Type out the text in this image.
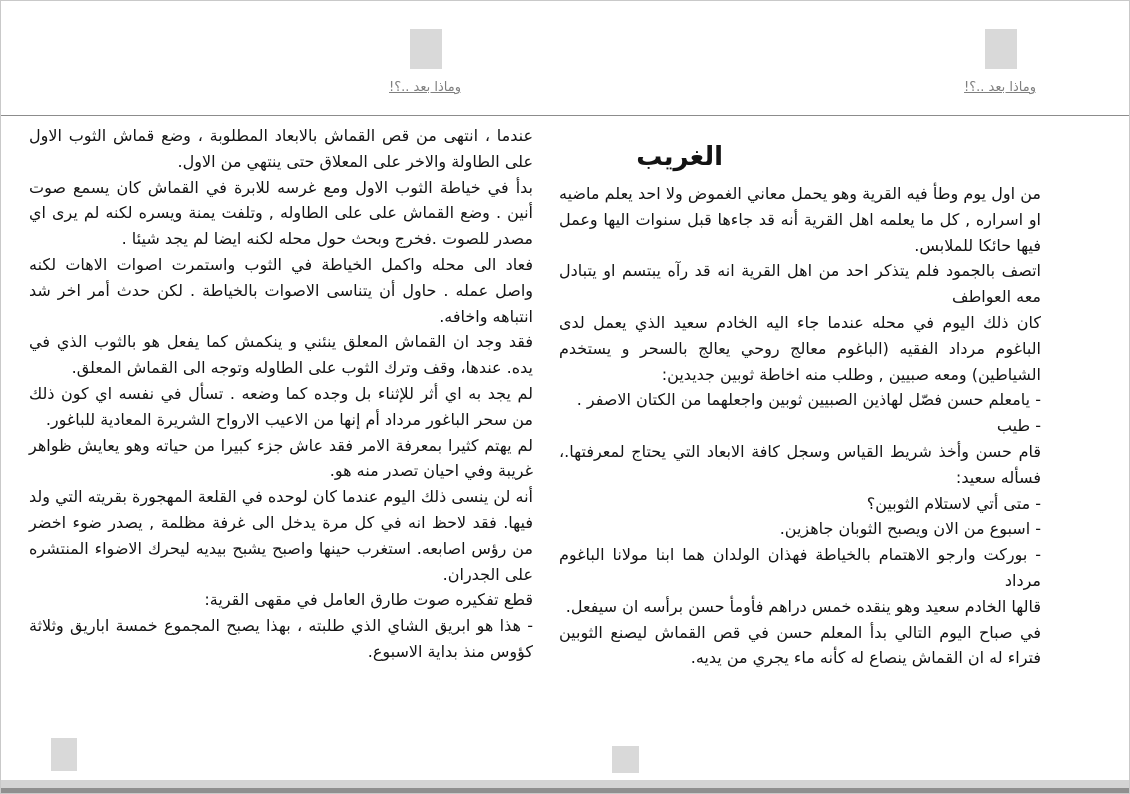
وماذا بعد ..؟!	وماذا بعد ..؟!
الغريب

من اول يوم وطأ فيه القرية وهو يحمل معاني الغموض ولا احد يعلم ماضيه او اسراره , كل ما يعلمه اهل القرية أنه قد جاءها قبل سنوات اليها وعمل فيها حائكا للملابس.

اتصف بالجمود فلم يتذكر احد من اهل القرية انه قد رآه يبتسم او يتبادل معه العواطف

كان ذلك اليوم في محله عندما جاء اليه الخادم سعيد الذي يعمل لدى الباغوم مرداد الفقيه (الباغوم معالج روحي يعالج بالسحر و يستخدم الشياطين) ومعه صبيين , وطلب منه اخاطة ثوبين جديدين:

- يامعلم حسن فصّل لهاذين الصبيين ثوبين واجعلهما من الكتان الاصفر .

- طيب

قام حسن وأخذ شريط القياس وسجل كافة الابعاد التي يحتاج لمعرفتها.، فسأله سعيد:

- متى أتي لاستلام الثوبين؟

- اسبوع من الان ويصبح الثوبان جاهزين.

- بوركت وارجو الاهتمام بالخياطة فهذان الولدان هما ابنا مولانا الباغوم مرداد

قالها الخادم سعيد وهو ينقده خمس دراهم فأومأ حسن برأسه ان سيفعل.

في صباح اليوم التالي بدأ المعلم حسن في قص القماش ليصنع الثوبين فتراء له ان القماش ينصاع له كأنه ماء يجري من يديه.

عندما ، انتهى من قص القماش بالابعاد المطلوبة ، وضع قماش الثوب الاول على الطاولة والاخر على المعلاق حتى ينتهي من الاول.

بدأ في خياطة الثوب الاول ومع غرسه للابرة في القماش كان يسمع صوت أنين . وضع القماش على على الطاوله , وتلفت يمنة ويسره لكنه لم يرى اي مصدر للصوت .فخرج وبحث حول محله لكنه ايضا لم يجد شيئا .

فعاد الى محله واكمل الخياطة في الثوب واستمرت اصوات الاهات لكنه واصل عمله . حاول أن يتناسى الاصوات بالخياطة . لكن حدث أمر اخر شد انتباهه واخافه.

فقد وجد ان القماش المعلق ينئني و ينكمش كما يفعل هو بالثوب الذي في يده. عندها، وقف وترك الثوب على الطاوله وتوجه الى القماش المعلق.

لم يجد به اي أثر للإثناء بل وجده كما وضعه . تسأل في نفسه اي كون ذلك من سحر الباغور مرداد أم إنها من الاعيب الارواح الشريرة المعادية للباغور.

لم يهتم كثيرا بمعرفة الامر فقد عاش جزء كبيرا من حياته وهو يعايش ظواهر غريبة وفي احيان تصدر منه هو.

أنه لن ينسى ذلك اليوم عندما كان لوحده في القلعة المهجورة بقريته التي ولد فيها. فقد لاحظ انه في كل مرة يدخل الى غرفة مظلمة , يصدر ضوء اخضر من رؤس اصابعه. استغرب حينها واصبح يشبح بيديه ليحرك الاضواء المنتشره على الجدران.

قطع تفكيره صوت طارق العامل في مقهى القرية:

- هذا هو ابريق الشاي الذي طلبته ، بهذا يصبح المجموع خمسة اباريق وثلاثة كؤوس منذ بداية الاسبوع.
